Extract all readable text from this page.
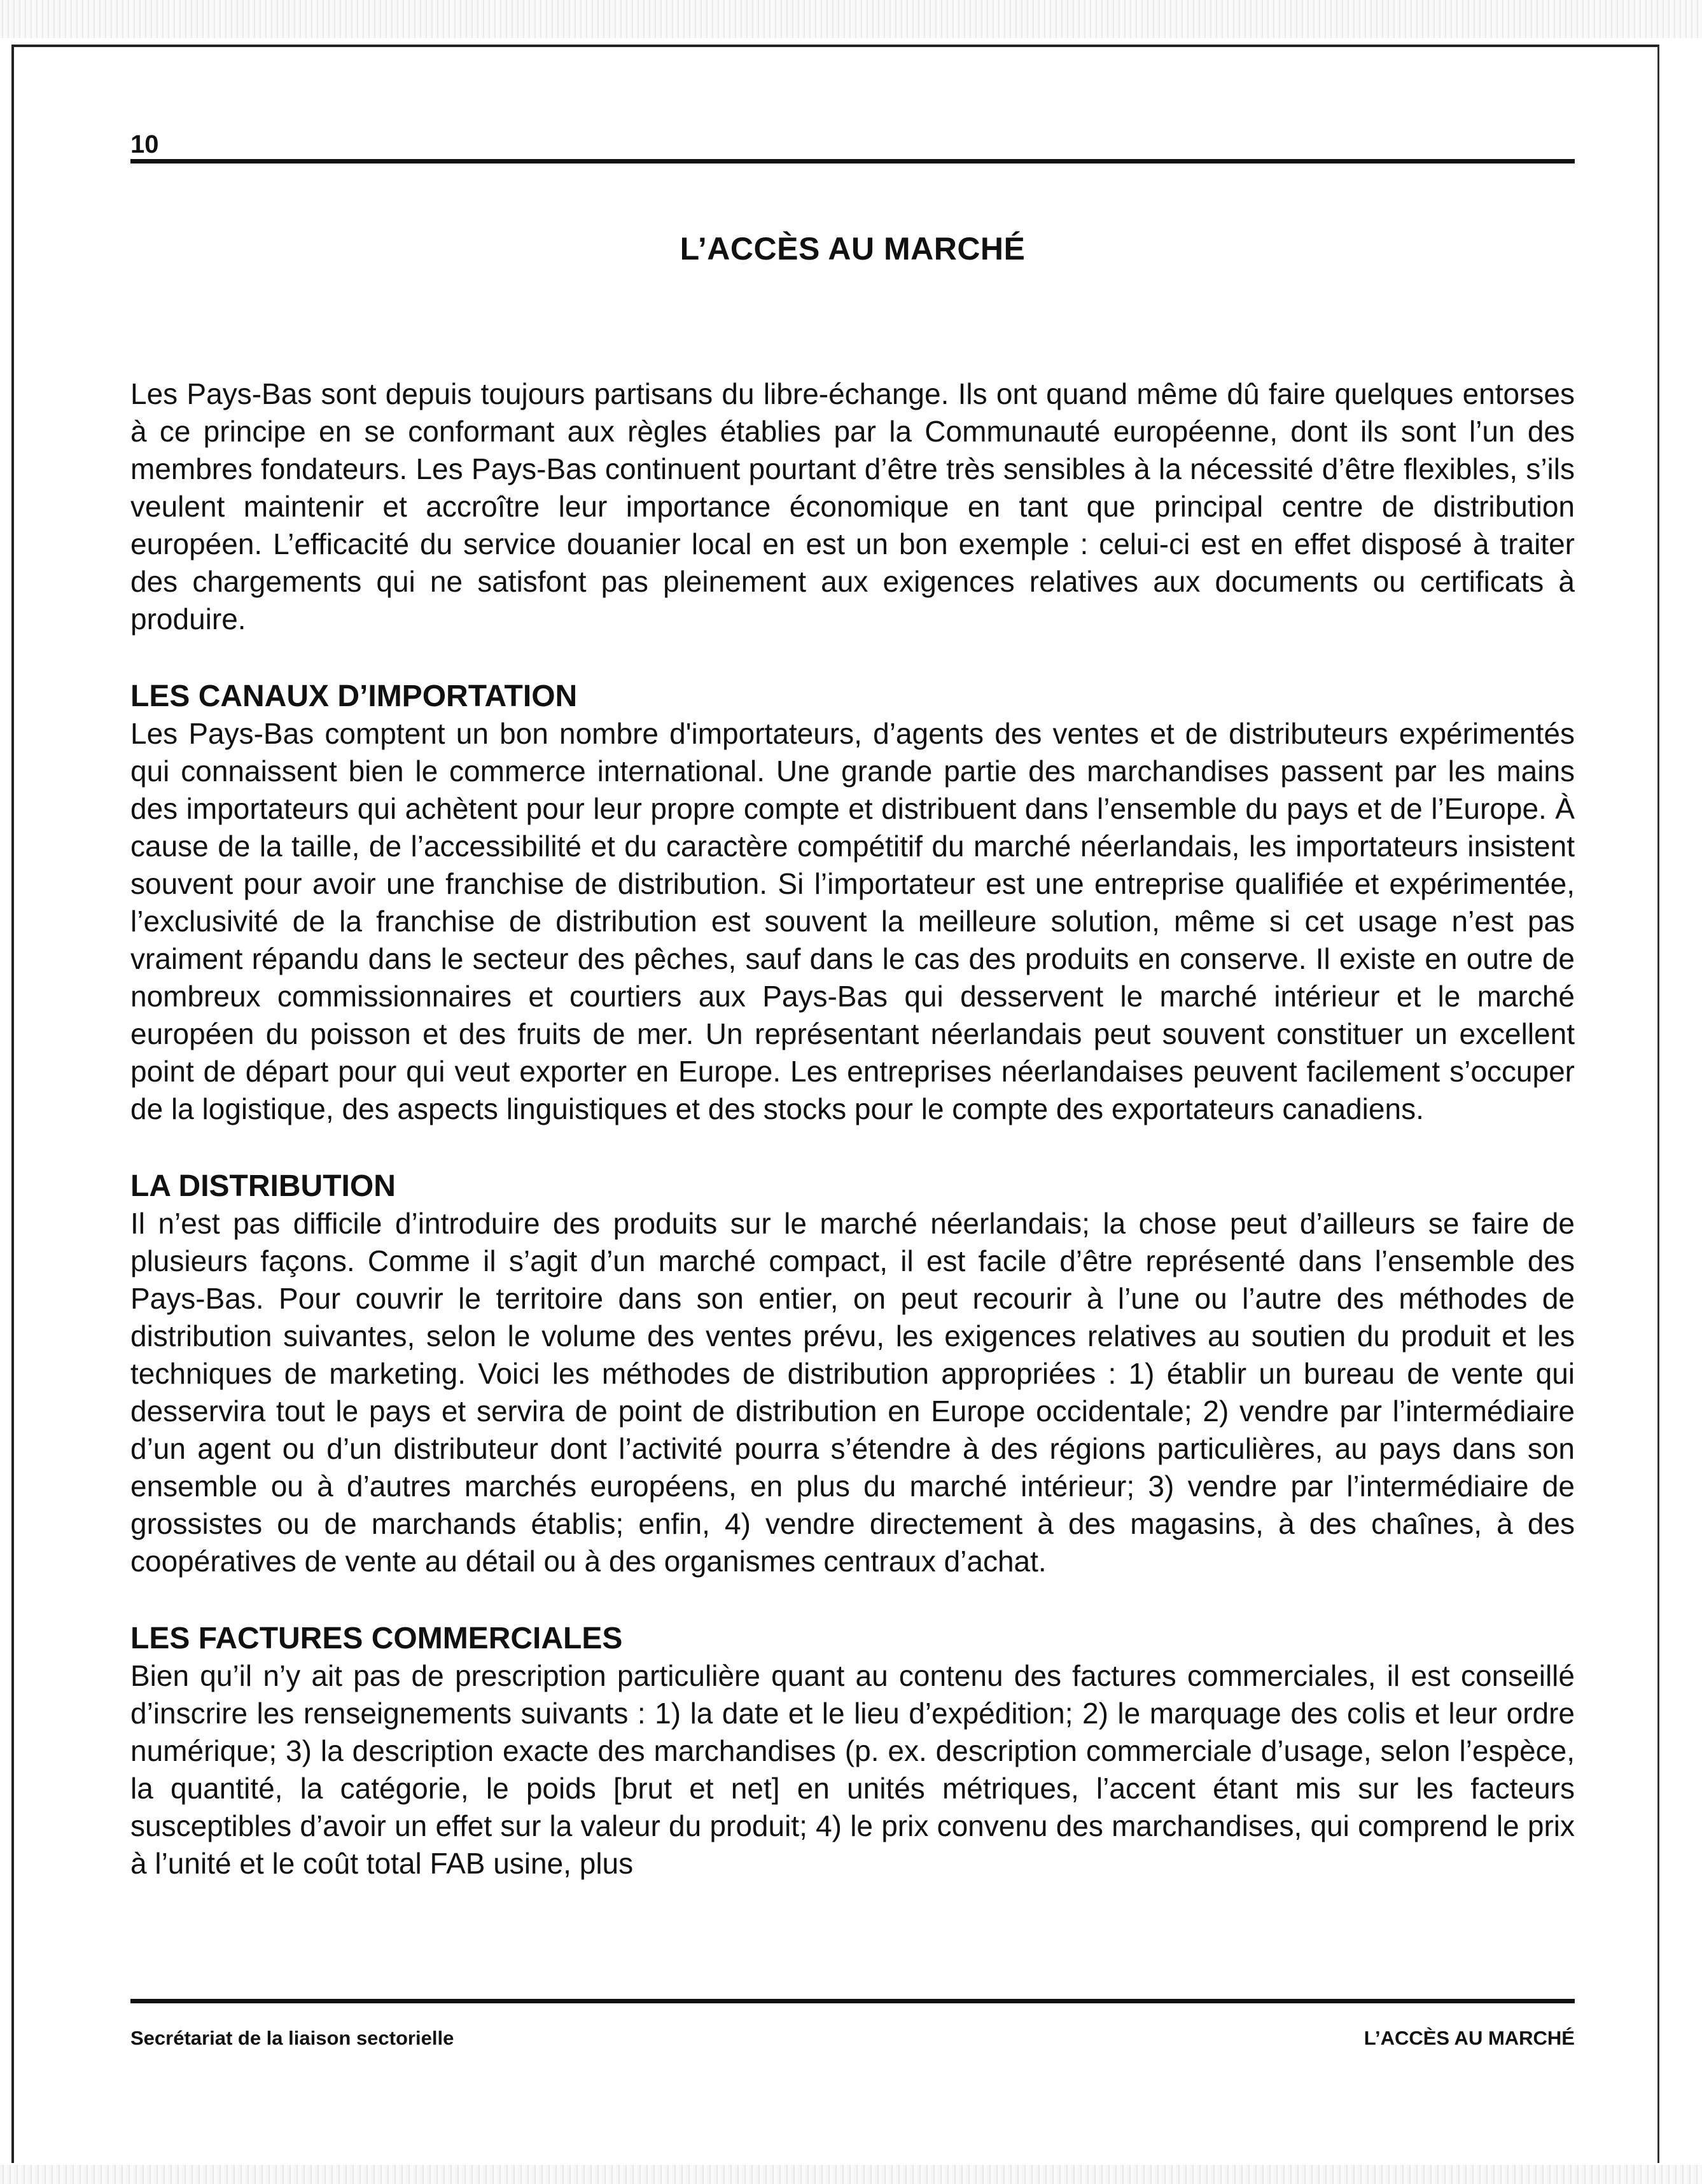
10
L’ACCÈS AU MARCHÉ

Les Pays-Bas sont depuis toujours partisans du libre-échange. Ils ont quand même dû faire quelques entorses à ce principe en se conformant aux règles établies par la Communauté européenne, dont ils sont l’un des membres fondateurs. Les Pays-Bas continuent pourtant d’être très sensibles à la nécessité d’être flexibles, s’ils veulent maintenir et accroître leur importance économique en tant que principal centre de distribution européen. L’efficacité du service douanier local en est un bon exemple : celui-ci est en effet disposé à traiter des chargements qui ne satisfont pas pleinement aux exigences relatives aux documents ou certificats à produire.

LES CANAUX D’IMPORTATION

Les Pays-Bas comptent un bon nombre d'importateurs, d’agents des ventes et de distributeurs expérimentés qui connaissent bien le commerce international. Une grande partie des marchandises passent par les mains des importateurs qui achètent pour leur propre compte et distribuent dans l’ensemble du pays et de l’Europe. À cause de la taille, de l’accessibilité et du caractère compétitif du marché néerlandais, les importateurs insistent souvent pour avoir une franchise de distribution. Si l’importateur est une entreprise qualifiée et expérimentée, l’exclusivité de la franchise de distribution est souvent la meilleure solution, même si cet usage n’est pas vraiment répandu dans le secteur des pêches, sauf dans le cas des produits en conserve. Il existe en outre de nombreux commissionnaires et courtiers aux Pays-Bas qui desservent le marché intérieur et le marché européen du poisson et des fruits de mer. Un représentant néerlandais peut souvent constituer un excellent point de départ pour qui veut exporter en Europe. Les entreprises néerlandaises peuvent facilement s’occuper de la logistique, des aspects linguistiques et des stocks pour le compte des exportateurs canadiens.

LA DISTRIBUTION

Il n’est pas difficile d’introduire des produits sur le marché néerlandais; la chose peut d’ailleurs se faire de plusieurs façons. Comme il s’agit d’un marché compact, il est facile d’être représenté dans l’ensemble des Pays-Bas. Pour couvrir le territoire dans son entier, on peut recourir à l’une ou l’autre des méthodes de distribution suivantes, selon le volume des ventes prévu, les exigences relatives au soutien du produit et les techniques de marketing. Voici les méthodes de distribution appropriées : 1) établir un bureau de vente qui desservira tout le pays et servira de point de distribution en Europe occidentale; 2) vendre par l’intermédiaire d’un agent ou d’un distributeur dont l’activité pourra s’étendre à des régions particulières, au pays dans son ensemble ou à d’autres marchés européens, en plus du marché intérieur; 3) vendre par l’intermédiaire de grossistes ou de marchands établis; enfin, 4) vendre directement à des magasins, à des chaînes, à des coopératives de vente au détail ou à des organismes centraux d’achat.

LES FACTURES COMMERCIALES

Bien qu’il n’y ait pas de prescription particulière quant au contenu des factures commerciales, il est conseillé d’inscrire les renseignements suivants : 1) la date et le lieu d’expédition; 2) le marquage des colis et leur ordre numérique; 3) la description exacte des marchandises (p. ex. description commerciale d’usage, selon l’espèce, la quantité, la catégorie, le poids [brut et net] en unités métriques, l’accent étant mis sur les facteurs susceptibles d’avoir un effet sur la valeur du produit; 4) le prix convenu des marchandises, qui comprend le prix à l’unité et le coût total FAB usine, plus

Secrétariat de la liaison sectorielle	L’ACCÈS AU MARCHÉ
